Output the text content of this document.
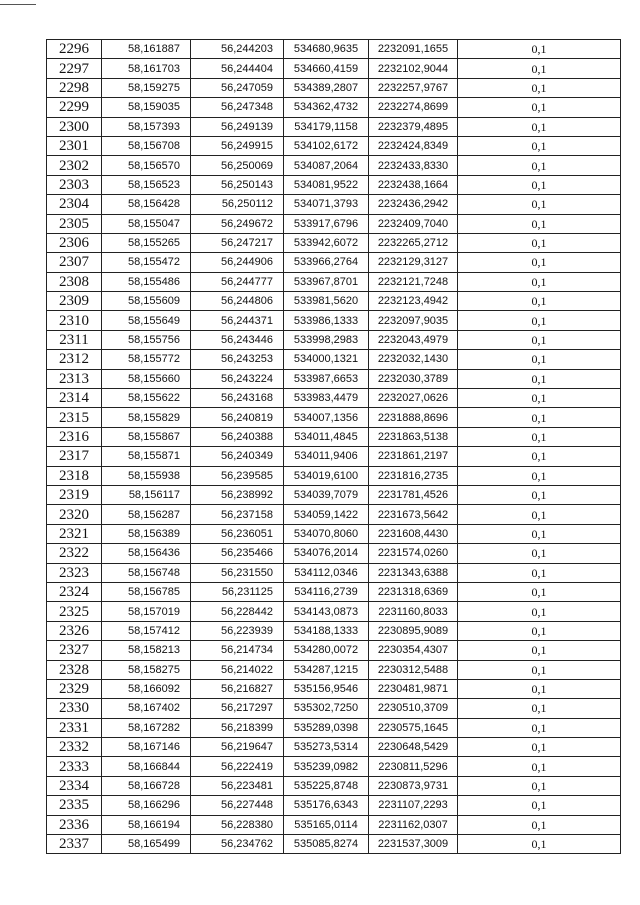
2296	58,161887	56,244203	534680,9635	2232091,1655	0,1
2297	58,161703	56,244404	534660,4159	2232102,9044	0,1
2298	58,159275	56,247059	534389,2807	2232257,9767	0,1
2299	58,159035	56,247348	534362,4732	2232274,8699	0,1
2300	58,157393	56,249139	534179,1158	2232379,4895	0,1
2301	58,156708	56,249915	534102,6172	2232424,8349	0,1
2302	58,156570	56,250069	534087,2064	2232433,8330	0,1
2303	58,156523	56,250143	534081,9522	2232438,1664	0,1
2304	58,156428	56,250112	534071,3793	2232436,2942	0,1
2305	58,155047	56,249672	533917,6796	2232409,7040	0,1
2306	58,155265	56,247217	533942,6072	2232265,2712	0,1
2307	58,155472	56,244906	533966,2764	2232129,3127	0,1
2308	58,155486	56,244777	533967,8701	2232121,7248	0,1
2309	58,155609	56,244806	533981,5620	2232123,4942	0,1
2310	58,155649	56,244371	533986,1333	2232097,9035	0,1
2311	58,155756	56,243446	533998,2983	2232043,4979	0,1
2312	58,155772	56,243253	534000,1321	2232032,1430	0,1
2313	58,155660	56,243224	533987,6653	2232030,3789	0,1
2314	58,155622	56,243168	533983,4479	2232027,0626	0,1
2315	58,155829	56,240819	534007,1356	2231888,8696	0,1
2316	58,155867	56,240388	534011,4845	2231863,5138	0,1
2317	58,155871	56,240349	534011,9406	2231861,2197	0,1
2318	58,155938	56,239585	534019,6100	2231816,2735	0,1
2319	58,156117	56,238992	534039,7079	2231781,4526	0,1
2320	58,156287	56,237158	534059,1422	2231673,5642	0,1
2321	58,156389	56,236051	534070,8060	2231608,4430	0,1
2322	58,156436	56,235466	534076,2014	2231574,0260	0,1
2323	58,156748	56,231550	534112,0346	2231343,6388	0,1
2324	58,156785	56,231125	534116,2739	2231318,6369	0,1
2325	58,157019	56,228442	534143,0873	2231160,8033	0,1
2326	58,157412	56,223939	534188,1333	2230895,9089	0,1
2327	58,158213	56,214734	534280,0072	2230354,4307	0,1
2328	58,158275	56,214022	534287,1215	2230312,5488	0,1
2329	58,166092	56,216827	535156,9546	2230481,9871	0,1
2330	58,167402	56,217297	535302,7250	2230510,3709	0,1
2331	58,167282	56,218399	535289,0398	2230575,1645	0,1
2332	58,167146	56,219647	535273,5314	2230648,5429	0,1
2333	58,166844	56,222419	535239,0982	2230811,5296	0,1
2334	58,166728	56,223481	535225,8748	2230873,9731	0,1
2335	58,166296	56,227448	535176,6343	2231107,2293	0,1
2336	58,166194	56,228380	535165,0114	2231162,0307	0,1
2337	58,165499	56,234762	535085,8274	2231537,3009	0,1
